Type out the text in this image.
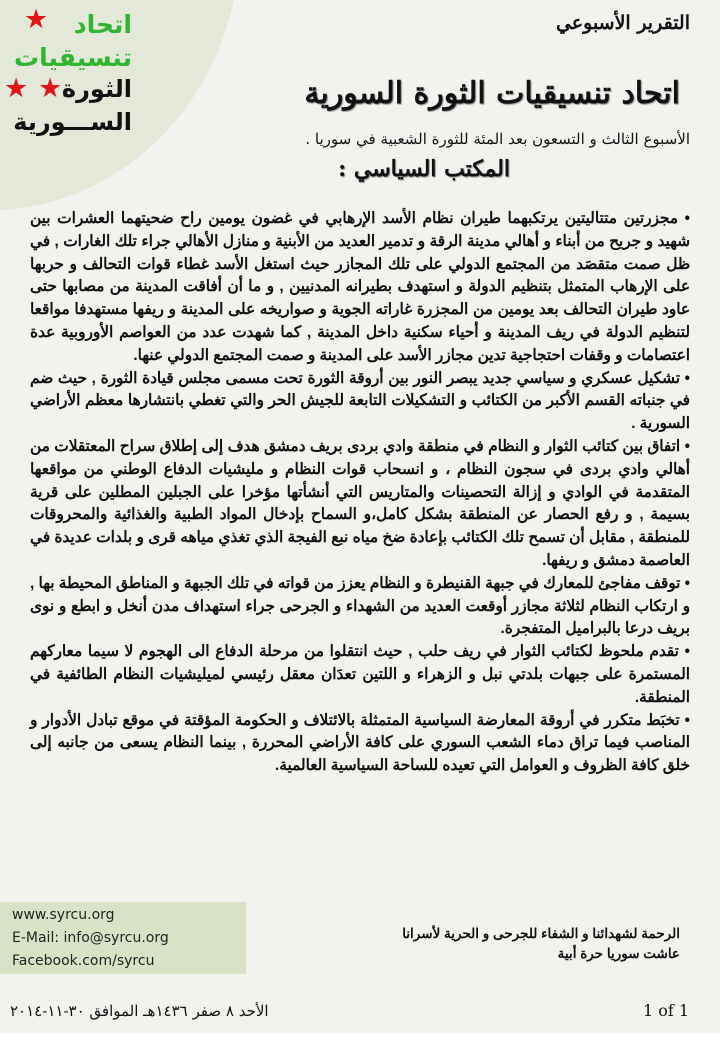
★
★ ★
اتحاد
تنسيقيات
الثورة
الســـورية
التقرير الأسبوعي
اتحاد تنسيقيات الثورة السورية
الأسبوع الثالث و التسعون بعد المئة للثورة الشعبية في سوريا .
المكتب السياسي :

• مجزرتين متتاليتين يرتكبهما طيران نظام الأسد الإرهابي في غضون يومين راح ضحيتهما العشرات بين شهيد و جريح من أبناء و أهالي مدينة الرقة و تدمير العديد من الأبنية و منازل الأهالي جراء تلك الغارات , في ظل صمت متقصَد من المجتمع الدولي على تلك المجازر حيث استغل الأسد غطاء قوات التحالف و حربها على الإرهاب المتمثل بتنظيم الدولة و استهدف بطيرانه المدنيين , و ما أن أفاقت المدينة من مصابها حتى عاود طيران التحالف بعد يومين من المجزرة غاراته الجوية و صواريخه على المدينة و ريفها مستهدفا مواقعا لتنظيم الدولة في ريف المدينة و أحياء سكنية داخل المدينة , كما شهدت عدد من العواصم الأوروبية عدة اعتصامات و وقفات احتجاجية تدين مجازر الأسد على المدينة و صمت المجتمع الدولي عنها.

• تشكيل عسكري و سياسي جديد يبصر النور بين أروقة الثورة تحت مسمى مجلس قيادة الثورة , حيث ضم في جنباته القسم الأكبر من الكتائب و التشكيلات التابعة للجيش الحر والتي تغطي بانتشارها معظم الأراضي السورية .

• اتفاق بين كتائب الثوار و النظام في منطقة وادي بردى بريف دمشق هدف إلى إطلاق سراح المعتقلات من أهالي وادي بردى في سجون النظام ، و انسحاب قوات النظام و مليشيات الدفاع الوطني من مواقعها المتقدمة في الوادي و إزالة التحصينات والمتاريس التي أنشأتها مؤخرا على الجبلين المطلين على قرية بسيمة , و رفع الحصار عن المنطقة بشكل كامل،و السماح بإدخال المواد الطبية والغذائية والمحروقات للمنطقة , مقابل أن تسمح تلك الكتائب بإعادة ضخ مياه نبع الفيجة الذي تغذي مياهه قرى و بلدات عديدة في العاصمة دمشق و ريفها.

• توقف مفاجئ للمعارك في جبهة القنيطرة و النظام يعزز من قواته في تلك الجبهة و المناطق المحيطة بها , و ارتكاب النظام لثلاثة مجازر أوقعت العديد من الشهداء و الجرحى جراء استهداف مدن أنخل و ابطع و نوى بريف درعا بالبراميل المتفجرة.

• تقدم ملحوظ لكتائب الثوار في ريف حلب , حيث انتقلوا من مرحلة الدفاع الى الهجوم لا سيما معاركهم المستمرة على جبهات بلدتي نبل و الزهراء و اللتين تعدَان معقل رئيسي لميليشيات النظام الطائفية في المنطقة.

• تخبَط متكرر في أروقة المعارضة السياسية المتمثلة بالائتلاف و الحكومة المؤقتة في موقع تبادل الأدوار و المناصب فيما تراق دماء الشعب السوري على كافة الأراضي المحررة , بينما النظام يسعى من جانبه إلى خلق كافة الظروف و العوامل التي تعيده للساحة السياسية العالمية.

www.syrcu.org
E-Mail: info@syrcu.org
Facebook.com/syrcu
الرحمة لشهدائنا و الشفاء للجرحى و الحرية لأسرانا
عاشت سوريا حرة أبية
الأحد ٨ صفر ١٤٣٦هـ الموافق ٣٠-١١-٢٠١٤	1 of 1
